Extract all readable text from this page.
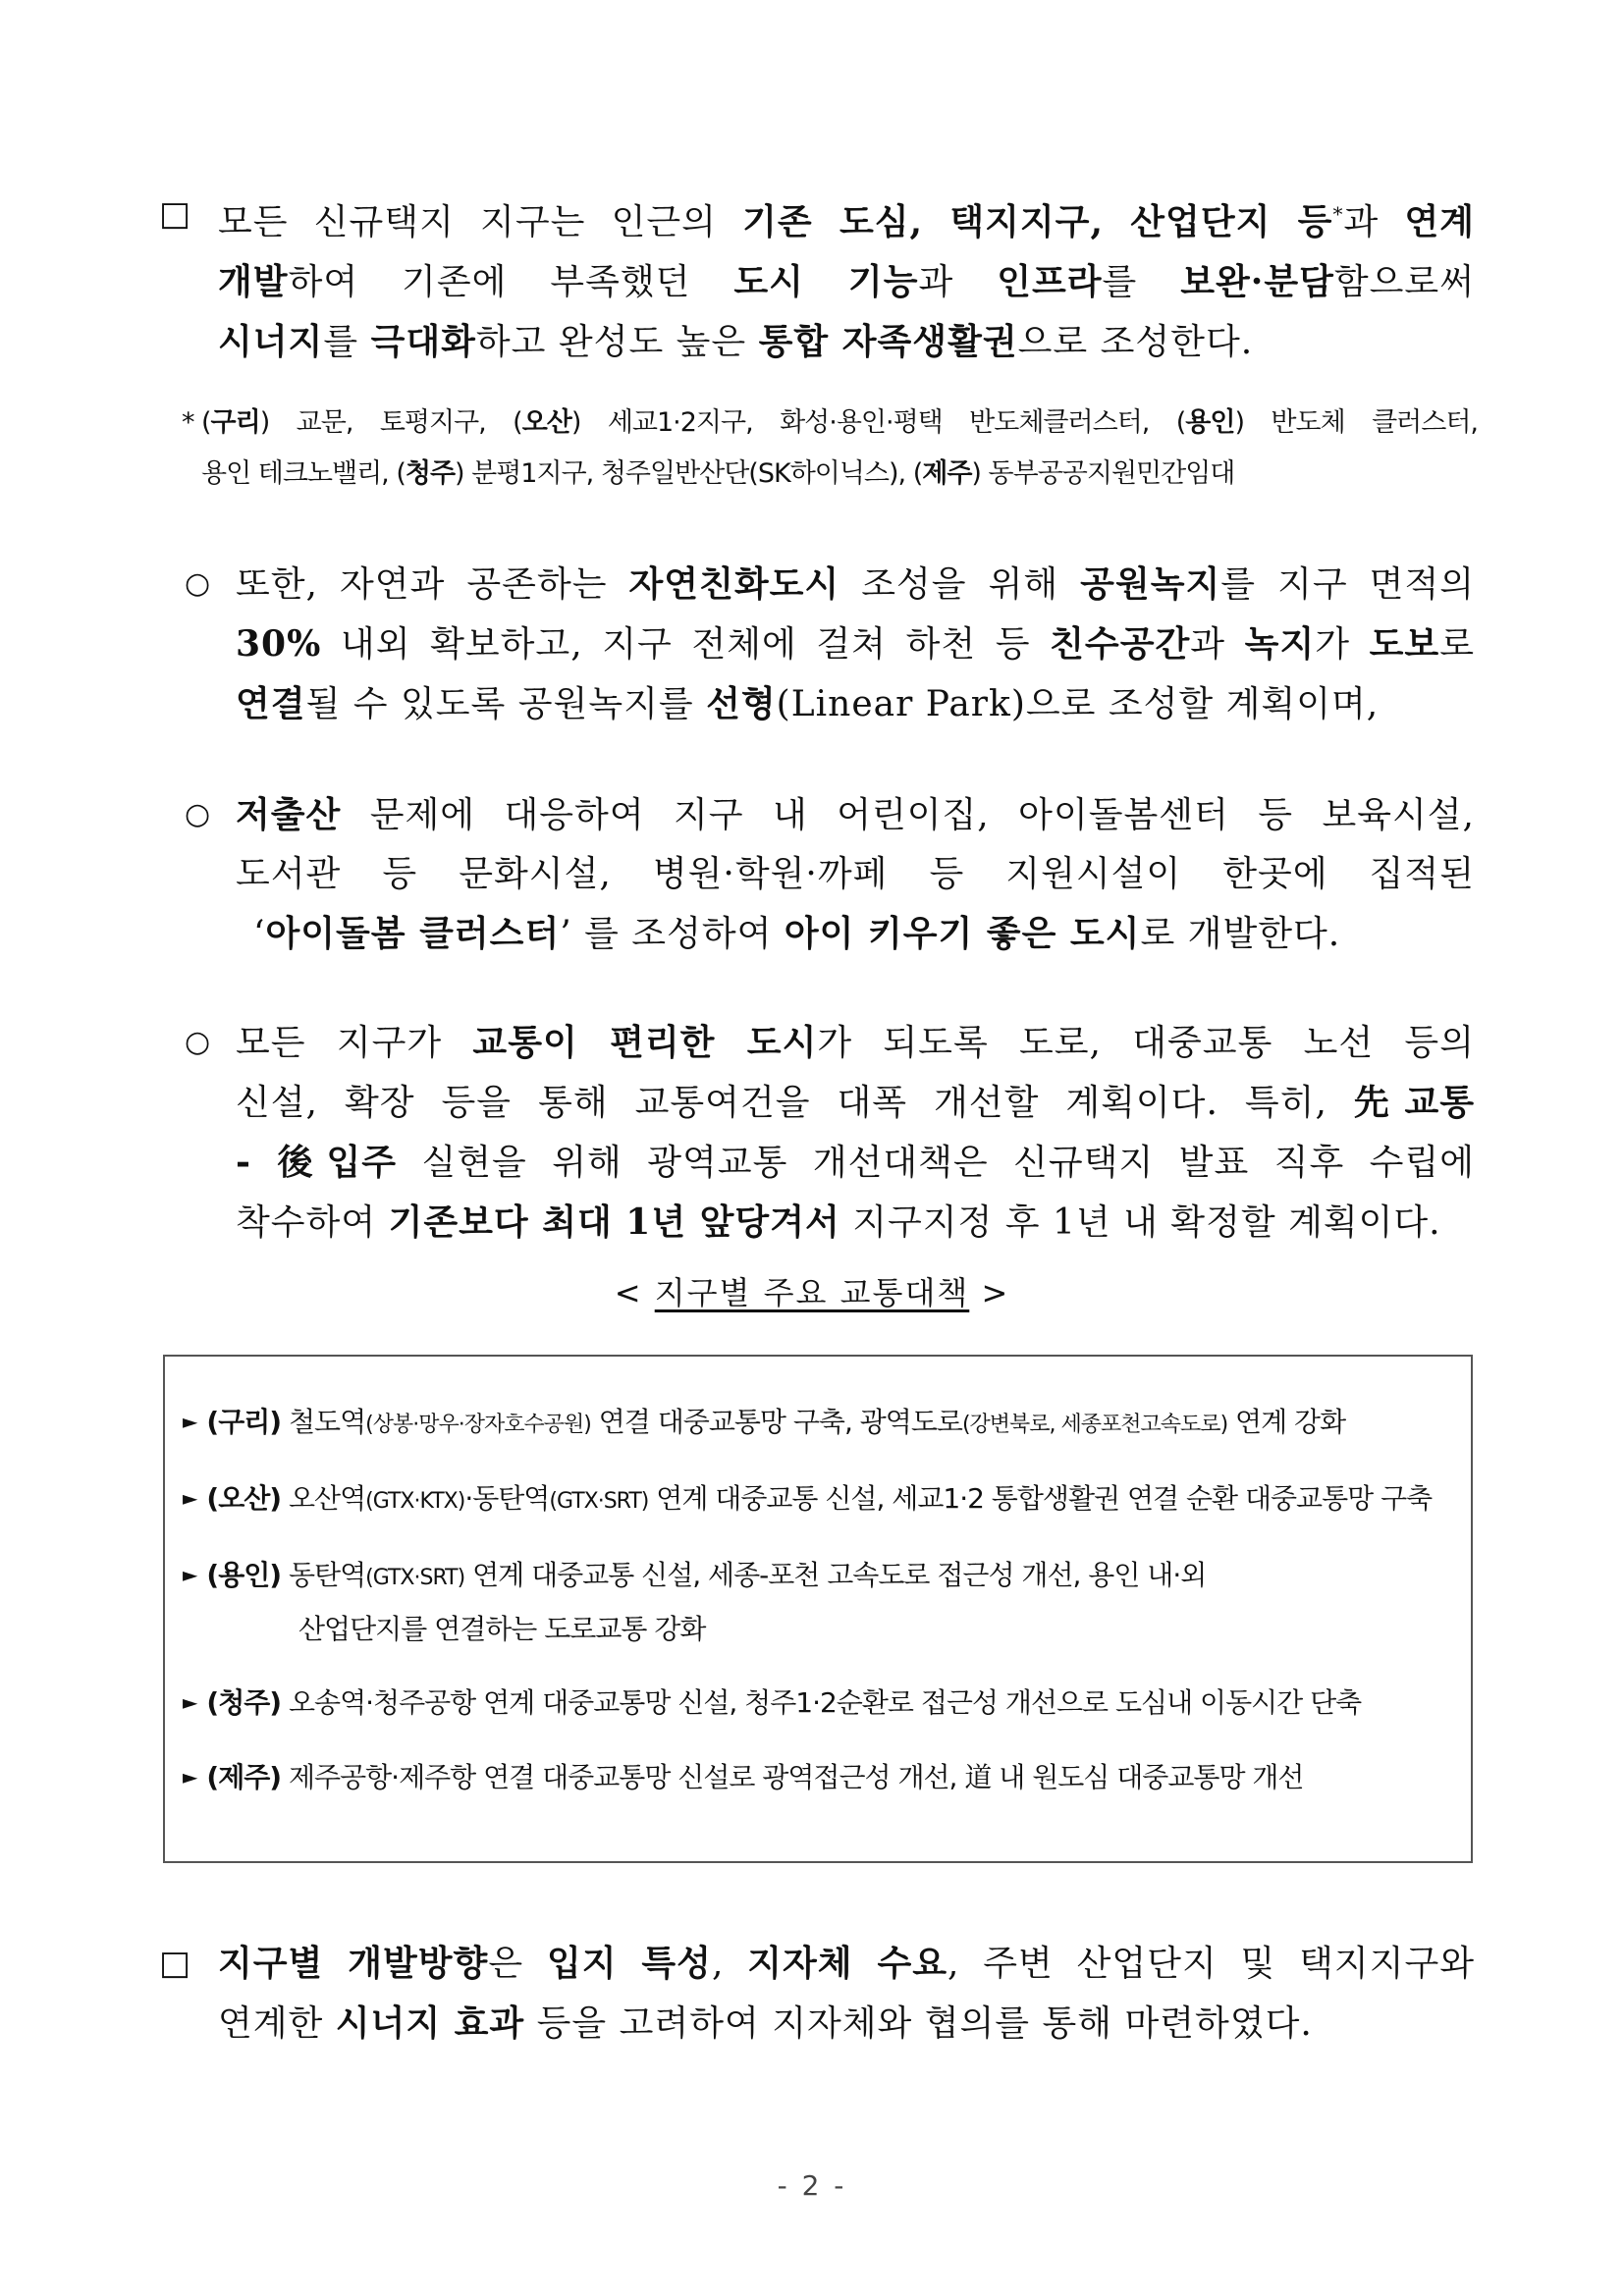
□ 모든 신규택지 지구는 인근의 기존 도심, 택지지구, 산업단지 등*과 연계
개발하여 기존에 부족했던 도시 기능과 인프라를 보완·분담함으로써
시너지를 극대화하고 완성도 높은 통합 자족생활권으로 조성한다.
* (구리) 교문, 토평지구, (오산) 세교1·2지구, 화성·용인·평택 반도체클러스터, (용인) 반도체 클러스터,
용인 테크노밸리, (청주) 분평1지구, 청주일반산단(SK하이닉스), (제주) 동부공공지원민간임대
○ 또한, 자연과 공존하는 자연친화도시 조성을 위해 공원녹지를 지구 면적의
30% 내외 확보하고, 지구 전체에 걸쳐 하천 등 친수공간과 녹지가 도보로
연결될 수 있도록 공원녹지를 선형(Linear Park)으로 조성할 계획이며,
○ 저출산 문제에 대응하여 지구 내 어린이집, 아이돌봄센터 등 보육시설,
도서관 등 문화시설, 병원·학원·까페 등 지원시설이 한곳에 집적된
‘아이돌봄 클러스터’ 를 조성하여 아이 키우기 좋은 도시로 개발한다.
○ 모든 지구가 교통이 편리한 도시가 되도록 도로, 대중교통 노선 등의
신설, 확장 등을 통해 교통여건을 대폭 개선할 계획이다. 특히, 先교통
- 後입주 실현을 위해 광역교통 개선대책은 신규택지 발표 직후 수립에
착수하여 기존보다 최대 1년 앞당겨서 지구지정 후 1년 내 확정할 계획이다.
< 지구별 주요 교통대책 >
► (구리) 철도역(상봉·망우·장자호수공원) 연결 대중교통망 구축, 광역도로(강변북로, 세종포천고속도로) 연계 강화
► (오산) 오산역(GTX·KTX)·동탄역(GTX·SRT) 연계 대중교통 신설, 세교1·2 통합생활권 연결 순환 대중교통망 구축
► (용인) 동탄역(GTX·SRT) 연계 대중교통 신설, 세종-포천 고속도로 접근성 개선, 용인 내·외
산업단지를 연결하는 도로교통 강화
► (청주) 오송역·청주공항 연계 대중교통망 신설, 청주1·2순환로 접근성 개선으로 도심내 이동시간 단축
► (제주) 제주공항·제주항 연결 대중교통망 신설로 광역접근성 개선, 道 내 원도심 대중교통망 개선
□ 지구별 개발방향은 입지 특성, 지자체 수요, 주변 산업단지 및 택지지구와
연계한 시너지 효과 등을 고려하여 지자체와 협의를 통해 마련하였다.
- 2 -
